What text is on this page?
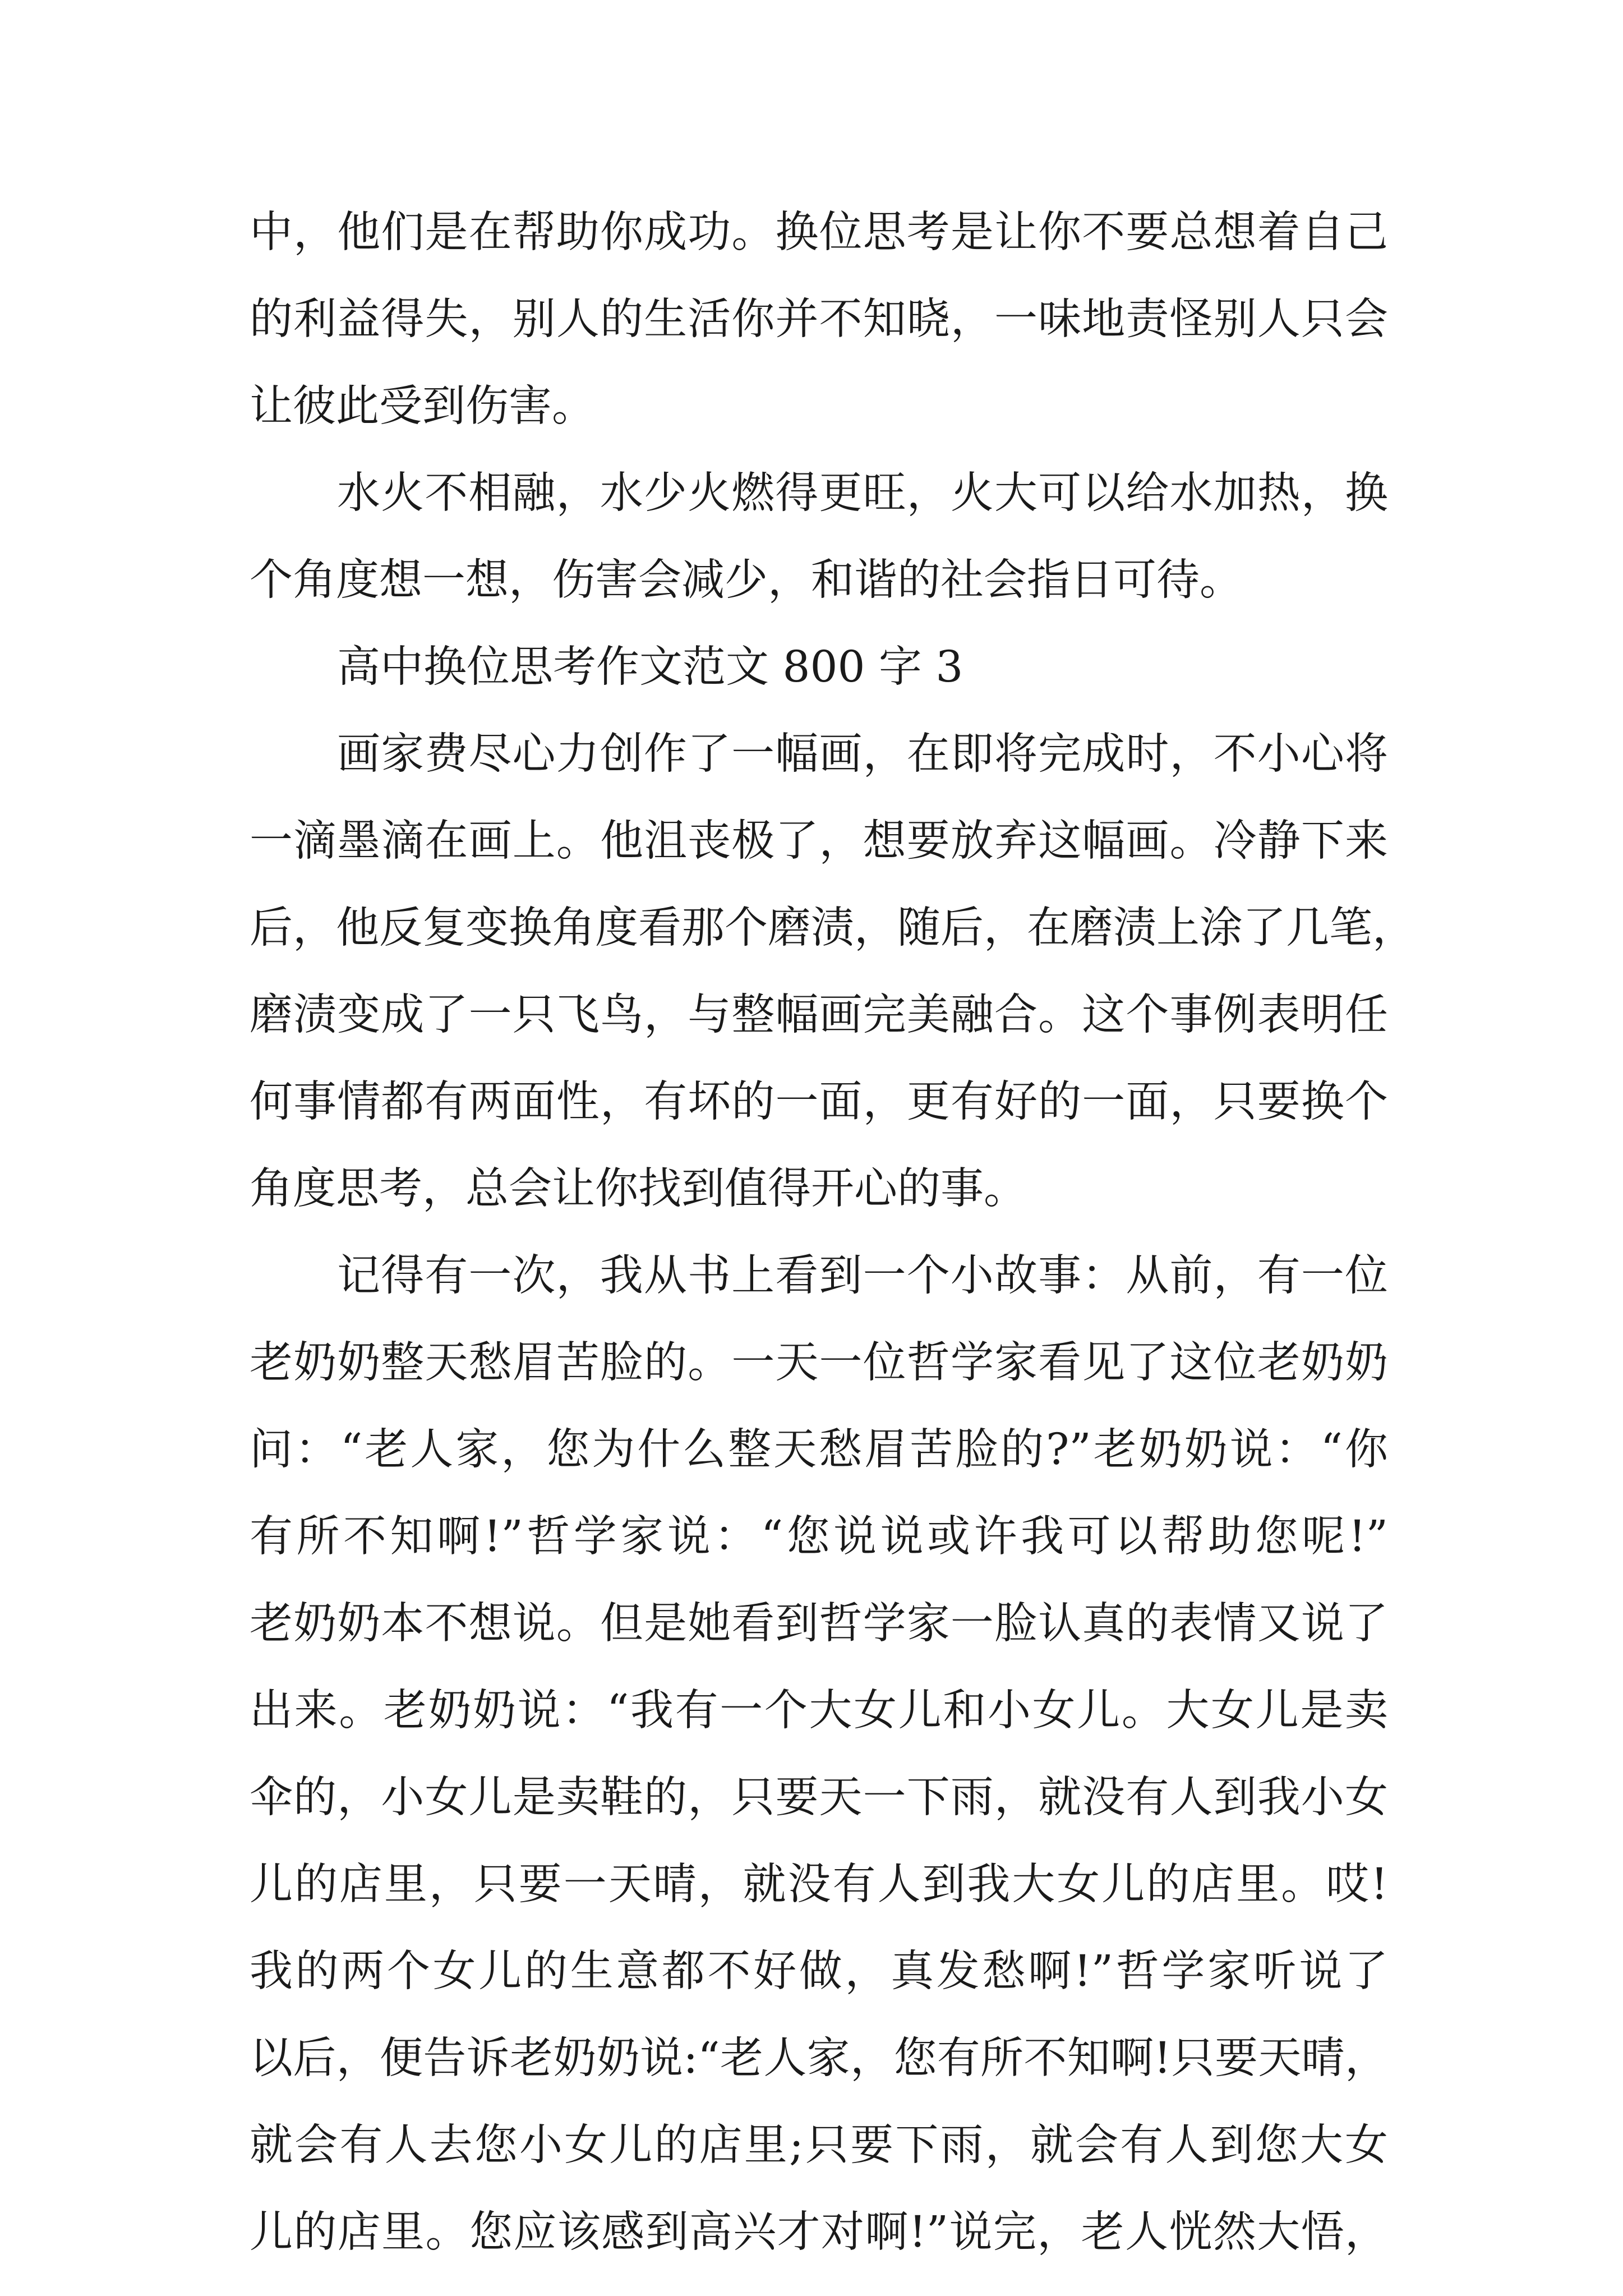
中，他们是在帮助你成功。换位思考是让你不要总想着自己
的利益得失，别人的生活你并不知晓，一味地责怪别人只会
让彼此受到伤害。
水火不相融，水少火燃得更旺，火大可以给水加热，换
个角度想一想，伤害会减少，和谐的社会指日可待。
高中换位思考作文范文 800 字 3
画家费尽心力创作了一幅画，在即将完成时，不小心将
一滴墨滴在画上。他沮丧极了，想要放弃这幅画。冷静下来
后，他反复变换角度看那个磨渍，随后，在磨渍上涂了几笔，
磨渍变成了一只飞鸟，与整幅画完美融合。这个事例表明任
何事情都有两面性，有坏的一面，更有好的一面，只要换个
角度思考，总会让你找到值得开心的事。
记得有一次，我从书上看到一个小故事：从前，有一位
老奶奶整天愁眉苦脸的。一天一位哲学家看见了这位老奶奶
问：“老人家，您为什么整天愁眉苦脸的?”老奶奶说：“你
有所不知啊!”哲学家说：“您说说或许我可以帮助您呢!”
老奶奶本不想说。但是她看到哲学家一脸认真的表情又说了
出来。老奶奶说：“我有一个大女儿和小女儿。大女儿是卖
伞的，小女儿是卖鞋的，只要天一下雨，就没有人到我小女
儿的店里，只要一天晴，就没有人到我大女儿的店里。哎!
我的两个女儿的生意都不好做，真发愁啊!”哲学家听说了
以后，便告诉老奶奶说:“老人家，您有所不知啊!只要天晴，
就会有人去您小女儿的店里;只要下雨，就会有人到您大女
儿的店里。您应该感到高兴才对啊!”说完，老人恍然大悟，
